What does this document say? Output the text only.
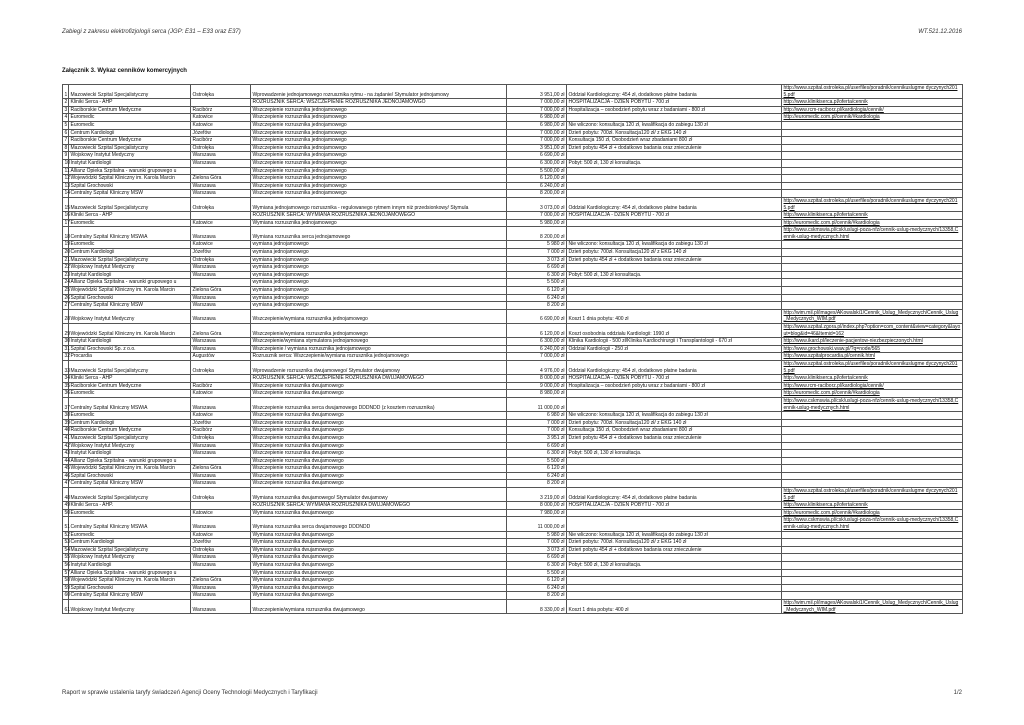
Zabiegi z zakresu elektrofizjologii serca (JGP: E31 – E33 oraz E37)	WT.521.12.2016
Załącznik 3. Wykaz cenników komercyjnych
1	Mazowiecki Szpital Specjalistyczny	Ostrołęka	Wprowadzenie jednojamowego rozrusznika rytmu - na żądanie/ Stymulator jednojamowy	3 951,00 zł	Oddział Kardiologiczny: 454 zł, dodatkowo płatne badania	http://www.szpital.ostroleka.pl/userfiles/poradnik/cennikuslugme dyczynych2015.pdf
2	Kliniki Serca - AHP		ROZRUSZNIK SERCA: WSZCZEPIENIE ROZRUSZNIKA JEDNOJAMOWGO	7 000,00 zł	HOSPITALIZACJA - DZIEŃ POBYTU - 700 zł	http://www.klinikiserca.pl/oferta/cennik
3	Raciborskie Centrum Medyczne	Racibórz	Wszczepienie rozrusznika jednojamowego	7 000,00 zł	Hospitalizacja – osobodzień pobytu wraz z badaniami - 800 zł	http://www.rcm-raciborz.pl/kardiologia/cennik/
4	Euromedic	Katowice	Wszczepienie rozrusznika jednojamowego	6 980,00 zł		http://euromedic.com.pl/cennik/#kardiologia
5	Euromedic	Katowice	Wszczepienie rozrusznika jednojamowego	6 980,00 zł	Nie wliczono: konsultacja 120 zł, kwalifikacja do zabiegu 130 zł	
6	Centrum Kardiologii	Józefów	Wszczepienie rozrusznika jednojamowego	7 000,00 zł	Dzień pobytu: 700zł. Konsultacja120 zł/ z EKG 140 zł	
7	Raciborskie Centrum Medyczne	Racibórz	Wszczepienie rozrusznika jednojamowego	7 000,00 zł	Konsultacja 150 zł, Osobodzień wraz zbadaniami 800 zł	
8	Mazowiecki Szpital Specjalistyczny	Ostrołęka	Wszczepienie rozrusznika jednojamowego	3 951,00 zł	Dzień pobytu 454 zł + dodatkowo badania oraz znieczulenie	
9	Wojskowy Instytut Medyczny	Warszawa	Wszczepienie rozrusznika jednojamowego	6 690,00 zł		
10	Instytut Kardiologii	Warszawa	Wszczepienie rozrusznika jednojamowego	6 300,00 zł	Pobyt: 500 zł, 130 zł konsultacja.	
11	Allianz Opieka Szpitalna - warunki grupowego u		Wszczepienie rozrusznika jednojamowego	5 500,00 zł		
12	Wojewódzki Szpital Kliniczny im. Karola Marcin	Zielona Góra	Wszczepienie rozrusznika jednojamowego	6 120,00 zł		
13	Szpital Grochowski	Warszawa	Wszczepienie rozrusznika jednojamowego	6 240,00 zł		
14	Centralny Szpital Kliniczny MSW	Warszawa	Wszczepienie rozrusznika jednojamowego	8 200,00 zł		
15	Mazowiecki Szpital Specjalistyczny	Ostrołęka	Wymiana jednojamowego rozrusznika - regulowanego rytmem innym niż przedsionkowy/ Stymula	3 073,00 zł	Oddział Kardiologiczny: 454 zł, dodatkowo płatne badania	http://www.szpital.ostroleka.pl/userfiles/poradnik/cennikuslugme dyczynych2015.pdf
16	Kliniki Serca - AHP		ROZRUSZNIK SERCA: WYMIANA ROZRUSZNIKA JEDNOJAMOWEGO	7 000,00 zł	HOSPITALIZACJA - DZIEŃ POBYTU - 700 zł	http://www.klinikiserca.pl/oferta/cennik
17	Euromedic	Katowice	Wymiana rozrusznika jednojamowego	5 980,00 zł		http://euromedic.com.pl/cennik/#kardiologia
18	Centralny Szpital Kliniczny MSWiA	Warszawa	Wymiana rozrusznika serca jednojamowego	8 200,00 zł		http://www.cskmswia.pl/csk/uslugi-poza-nfz/cennik-uslug-medycznych/13358,Cennik-uslug-medycznych.html
19	Euromedic	Katowice	wymiana jednojamowego	5 980 zł	Nie wliczono: konsultacja 120 zł, kwalifikacja do zabiegu 130 zł	
20	Centrum Kardiologii	Józefów	wymiana jednojamowego	7 000 zł	Dzień pobytu: 700zł. Konsultacja120 zł/ z EKG 140 zł	
21	Mazowiecki Szpital Specjalistyczny	Ostrołęka	wymiana jednojamowego	3 073 zł	Dzień pobytu 454 zł + dodatkowo badania oraz znieczulenie	
22	Wojskowy Instytut Medyczny	Warszawa	wymiana jednojamowego	6 690 zł		
23	Instytut Kardiologii	Warszawa	wymiana jednojamowego	6 300 zł	Pobyt: 500 zł, 130 zł konsultacja.	
24	Allianz Opieka Szpitalna - warunki grupowego u		wymiana jednojamowego	5 500 zł		
25	Wojewódzki Szpital Kliniczny im. Karola Marcin	Zielona Góra	wymiana jednojamowego	6 120 zł		
26	Szpital Grochowski	Warszawa	wymiana jednojamowego	6 240 zł		
27	Centralny Szpital Kliniczny MSW	Warszawa	wymiana jednojamowego	8 200 zł		
28	Wojskowy Instytut Medyczny	Warszawa	Wszczepienie/wymiana rozrusznika jednojamowego	6 690,00 zł	Koszt 1 dnia pobytu: 400 zł	http://wim.mil.pl/images/AKowalski1/Cennik_Uslug_Medycznych/Cennik_Uslug_Medycznych_WIM.pdf
29	Wojewódzki Szpital Kliniczny im. Karola Marcin	Zielona Góra	Wszczepienie/wymiana rozrusznika jednojamowego	6 120,00 zł	Koszt osobodnia oddziału Kardiologii: 1990 zł	http://www.szpital.zgora.pl/index.php?option=com_content&view=category&layout=blog&id=46&Itemid=162
30	Instytut Kardiologii	Warszawa	Wszczepienie/wymiana stymulatora jednojamowego	6 300,00 zł	Klinika Kardiologii - 500 zł/Klinika Kardiochirurgii i Transplantologii - 670 zł	http://www.ikard.pl/leczenie-pacjentow-niezbezpieczonych.html
31	Szpital Grochowski Sp. z o.o.	Warszawa	Wszczepienie / wymiana rozrusznika jednojamowego	6 240,00 zł	Oddział Kardiologii - 250 zł	http://www.grochowski.waw.pl/?q=node/565
32	Procardia	Augustów	Rozrusznik serca: Wszczepienie/wymiana rozrusznika jednojamowego	7 000,00 zł		http://www.szpitalprocardia.pl/cennik.html
33	Mazowiecki Szpital Specjalistyczny	Ostrołęka	Wprowadzenie rozrusznika dwujamowego/ Stymulator dwujamowy	4 976,00 zł	Oddział Kardiologiczny: 454 zł, dodatkowo płatne badania	http://www.szpital.ostroleka.pl/userfiles/poradnik/cennikuslugme dyczynych2015.pdf
34	Kliniki Serca - AHP		ROZRUSZNIK SERCA: WSZCZEPIENIE ROZRUSZNIKA DWUJAMOWEGO	8 000,00 zł	HOSPITALIZACJA - DZIEŃ POBYTU - 700 zł	http://www.klinikiserca.pl/oferta/cennik
35	Raciborskie Centrum Medyczne	Racibórz	Wszczepienie rozrusznika dwujamowego	9 000,00 zł	Hospitalizacja – osobodzień pobytu wraz z badaniami - 800 zł	http://www.rcm-raciborz.pl/kardiologia/cennik/
36	Euromedic	Katowice	Wszczepienie rozrusznika dwujamowego	8 980,00 zł		http://euromedic.com.pl/cennik/#kardiologia
37	Centralny Szpital Kliniczny MSWiA	Warszawa	Wszczepienie rozrusznika serca dwujamowego DDDNDD (z kosztem rozrusznika)	11 000,00 zł		http://www.cskmswia.pl/csk/uslugi-poza-nfz/cennik-uslug-medycznych/13358,Cennik-uslug-medycznych.html
38	Euromedic	Katowice	Wszczepienie rozrusznika dwujamowego	6 980 zł	Nie wliczono: konsultacja 120 zł, kwalifikacja do zabiegu 130 zł	
39	Centrum Kardiologii	Józefów	Wszczepienie rozrusznika dwujamowego	7 000 zł	Dzień pobytu: 700zł. Konsultacja120 zł/ z EKG 140 zł	
40	Raciborskie Centrum Medyczne	Racibórz	Wszczepienie rozrusznika dwujamowego	7 000 zł	Konsultacja 150 zł, Osobodzień wraz zbadaniami 800 zł	
41	Mazowiecki Szpital Specjalistyczny	Ostrołęka	Wszczepienie rozrusznika dwujamowego	3 951 zł	Dzień pobytu 454 zł + dodatkowo badania oraz znieczulenie	
42	Wojskowy Instytut Medyczny	Warszawa	Wszczepienie rozrusznika dwujamowego	6 690 zł		
43	Instytut Kardiologii	Warszawa	Wszczepienie rozrusznika dwujamowego	6 300 zł	Pobyt: 500 zł, 130 zł konsultacja.	
44	Allianz Opieka Szpitalna - warunki grupowego u		Wszczepienie rozrusznika dwujamowego	5 500 zł		
45	Wojewódzki Szpital Kliniczny im. Karola Marcin	Zielona Góra	Wszczepienie rozrusznika dwujamowego	6 120 zł		
46	Szpital Grochowski	Warszawa	Wszczepienie rozrusznika dwujamowego	6 240 zł		
47	Centralny Szpital Kliniczny MSW	Warszawa	Wszczepienie rozrusznika dwujamowego	8 200 zł		
48	Mazowiecki Szpital Specjalistyczny	Ostrołęka	Wymiana rozrusznika dwujamowego/ Stymulator dwujamowy	3 219,00 zł	Oddział Kardiologiczny: 454 zł, dodatkowo płatne badania	http://www.szpital.ostroleka.pl/userfiles/poradnik/cennikuslugme dyczynych2015.pdf
49	Kliniki Serca - AHP.		ROZRUSZNIK SERCA: WYMIANA ROZRUSZNIKA DWUJAMOWEGO	8 000,00 zł	HOSPITALIZACJA - DZIEŃ POBYTU - 700 zł	http://www.klinikiserca.pl/oferta/cennik
50	Euromedic	Katowice	Wymiana rozrusznika dwujamowego	7 980,00 zł		http://euromedic.com.pl/cennik/#kardiologia
51	Centralny Szpital Kliniczny MSWiA	Warszawa	Wymiana rozrusznika serca dwujamowego DDDNDD	11 000,00 zł		http://www.cskmswia.pl/csk/uslugi-poza-nfz/cennik-uslug-medycznych/13358,Cennik-uslug-medycznych.html
52	Euromedic	Katowice	Wymiana rozrusznika dwujamowego	5 980 zł	Nie wliczono: konsultacja 120 zł, kwalifikacja do zabiegu 130 zł	
53	Centrum Kardiologii	Józefów	Wymiana rozrusznika dwujamowego	7 000 zł	Dzień pobytu: 700zł. Konsultacja120 zł/ z EKG 140 zł	
54	Mazowiecki Szpital Specjalistyczny	Ostrołęka	Wymiana rozrusznika dwujamowego	3 073 zł	Dzień pobytu 454 zł + dodatkowo badania oraz znieczulenie	
55	Wojskowy Instytut Medyczny	Warszawa	Wymiana rozrusznika dwujamowego	6 690 zł		
56	Instytut Kardiologii	Warszawa	Wymiana rozrusznika dwujamowego	6 300 zł	Pobyt: 500 zł, 130 zł konsultacja.	
57	Allianz Opieka Szpitalna - warunki grupowego u		Wymiana rozrusznika dwujamowego	5 500 zł		
58	Wojewódzki Szpital Kliniczny im. Karola Marcin	Zielona Góra	Wymiana rozrusznika dwujamowego	6 120 zł		
59	Szpital Grochowski	Warszawa	Wymiana rozrusznika dwujamowego	6 240 zł		
60	Centralny Szpital Kliniczny MSW	Warszawa	Wymiana rozrusznika dwujamowego	8 200 zł		
61	Wojskowy Instytut Medyczny	Warszawa	Wszczepienie/wymiana rozrusznika dwujamowego	8 330,00 zł	Koszt 1 dnia pobytu: 400 zł	http://wim.mil.pl/images/AKowalski1/Cennik_Uslug_Medycznych/Cennik_Uslug_Medycznych_WIM.pdf
Raport w sprawie ustalenia taryfy świadczeń Agencji Oceny Technologii Medycznych i Taryfikacji	1/2
